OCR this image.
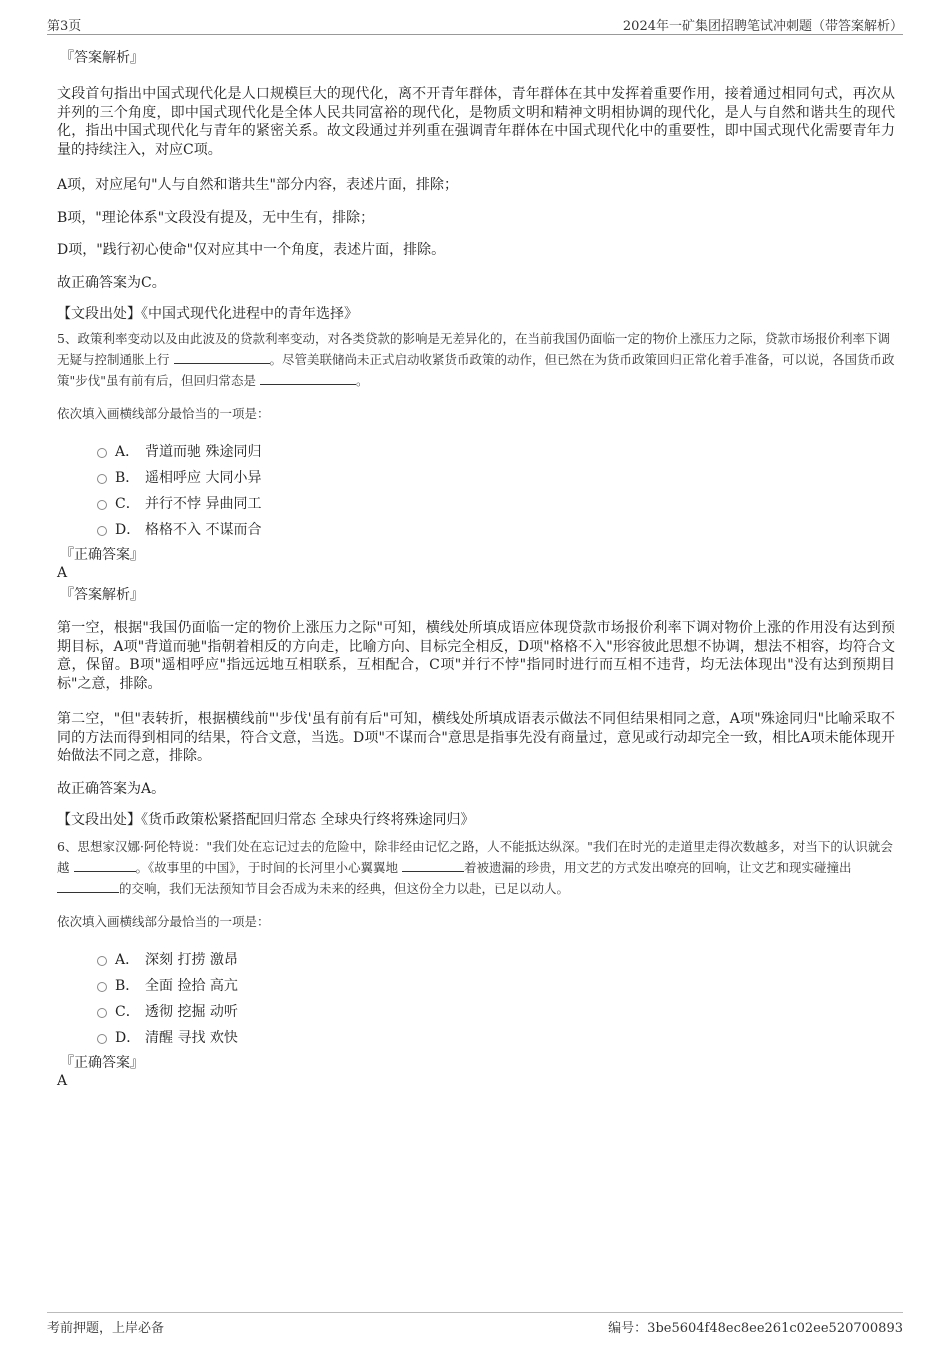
第3页	2024年一矿集团招聘笔试冲刺题（带答案解析）

『答案解析』

文段首句指出中国式现代化是人口规模巨大的现代化，离不开青年群体，青年群体在其中发挥着重要作用，接着通过相同句式，再次从并列的三个角度，即中国式现代化是全体人民共同富裕的现代化，是物质文明和精神文明相协调的现代化，是人与自然和谐共生的现代化，指出中国式现代化与青年的紧密关系。故文段通过并列重在强调青年群体在中国式现代化中的重要性，即中国式现代化需要青年力量的持续注入，对应C项。

A项，对应尾句"人与自然和谐共生"部分内容，表述片面，排除；

B项，"理论体系"文段没有提及，无中生有，排除；

D项，"践行初心使命"仅对应其中一个角度，表述片面，排除。

故正确答案为C。

【文段出处】《中国式现代化进程中的青年选择》

5、政策利率变动以及由此波及的贷款利率变动，对各类贷款的影响是无差异化的，在当前我国仍面临一定的物价上涨压力之际，贷款市场报价利率下调无疑与控制通胀上行	。尽管美联储尚未正式启动收紧货币政策的动作，但已然在为货币政策回归正常化着手准备，可以说，各国货币政策"步伐"虽有前有后，但回归常态是	。

依次填入画横线部分最恰当的一项是：

A． 背道而驰 殊途同归
B． 遥相呼应 大同小异
C． 并行不悖 异曲同工
D． 格格不入 不谋而合

『正确答案』

A

『答案解析』

第一空，根据"我国仍面临一定的物价上涨压力之际"可知，横线处所填成语应体现贷款市场报价利率下调对物价上涨的作用没有达到预期目标，A项"背道而驰"指朝着相反的方向走，比喻方向、目标完全相反，D项"格格不入"形容彼此思想不协调，想法不相容，均符合文意，保留。B项"遥相呼应"指远远地互相联系，互相配合，C项"并行不悖"指同时进行而互相不违背，均无法体现出"没有达到预期目标"之意，排除。

第二空，"但"表转折，根据横线前"'步伐'虽有前有后"可知，横线处所填成语表示做法不同但结果相同之意，A项"殊途同归"比喻采取不同的方法而得到相同的结果，符合文意，当选。D项"不谋而合"意思是指事先没有商量过，意见或行动却完全一致，相比A项未能体现开始做法不同之意，排除。

故正确答案为A。

【文段出处】《货币政策松紧搭配回归常态 全球央行终将殊途同归》

6、思想家汉娜·阿伦特说："我们处在忘记过去的危险中，除非经由记忆之路，人不能抵达纵深。"我们在时光的走道里走得次数越多，对当下的认识就会越	。《故事里的中国》，于时间的长河里小心翼翼地	着被遗漏的珍贵，用文艺的方式发出嘹亮的回响，让文艺和现实碰撞出 的交响，我们无法预知节目会否成为未来的经典，但这份全力以赴，已足以动人。

依次填入画横线部分最恰当的一项是：

A． 深刻 打捞 激昂
B． 全面 捡拾 高亢
C． 透彻 挖掘 动听
D． 清醒 寻找 欢快

『正确答案』

A

考前押题，上岸必备	编号：3be5604f48ec8ee261c02ee520700893
